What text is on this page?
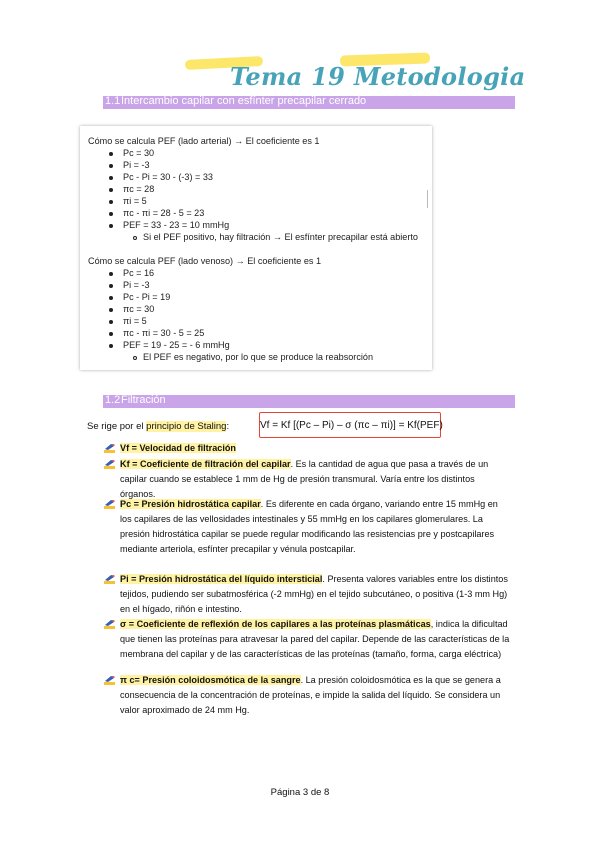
Tema 19 Metodologia
1.1 Intercambio capilar con esfínter precapilar cerrado
Cómo se calcula PEF (lado arterial) → El coeficiente es 1
Pc = 30
Pi = -3
Pc - Pi = 30 - (-3) = 33
πc = 28
πi = 5
πc - πi = 28 - 5 = 23
PEF = 33 - 23 = 10 mmHg
Si el PEF positivo, hay filtración → El esfínter precapilar está abierto
Cómo se calcula PEF (lado venoso) → El coeficiente es 1
Pc = 16
Pi = -3
Pc - Pi = 19
πc = 30
πi = 5
πc - πi = 30 - 5 = 25
PEF = 19 - 25 = - 6 mmHg
El PEF es negativo, por lo que se produce la reabsorción
1.2 Filtración
Se rige por el principio de Staling:	Vf = Kf [(Pc – Pi) – σ (πc – πi)] = Kf(PEF)
Vf = Velocidad de filtración
Kf = Coeficiente de filtración del capilar. Es la cantidad de agua que pasa a través de un capilar cuando se establece 1 mm de Hg de presión transmural. Varía entre los distintos órganos.
Pc = Presión hidrostática capilar. Es diferente en cada órgano, variando entre 15 mmHg en los capilares de las vellosidades intestinales y 55 mmHg en los capilares glomerulares. La presión hidrostática capilar se puede regular modificando las resistencias pre y postcapilares mediante arteriola, esfínter precapilar y vénula postcapilar.
Pi = Presión hidrostática del líquido intersticial. Presenta valores variables entre los distintos tejidos, pudiendo ser subatmosférica (-2 mmHg) en el tejido subcutáneo, o positiva (1-3 mm Hg) en el hígado, riñón e intestino.
σ = Coeficiente de reflexión de los capilares a las proteínas plasmáticas, indica la dificultad que tienen las proteínas para atravesar la pared del capilar. Depende de las características de la membrana del capilar y de las características de las proteínas (tamaño, forma, carga eléctrica)
π c= Presión coloidosmótica de la sangre. La presión coloidosmótica es la que se genera a consecuencia de la concentración de proteínas, e impide la salida del líquido. Se considera un valor aproximado de 24 mm Hg.
Página 3 de 8
